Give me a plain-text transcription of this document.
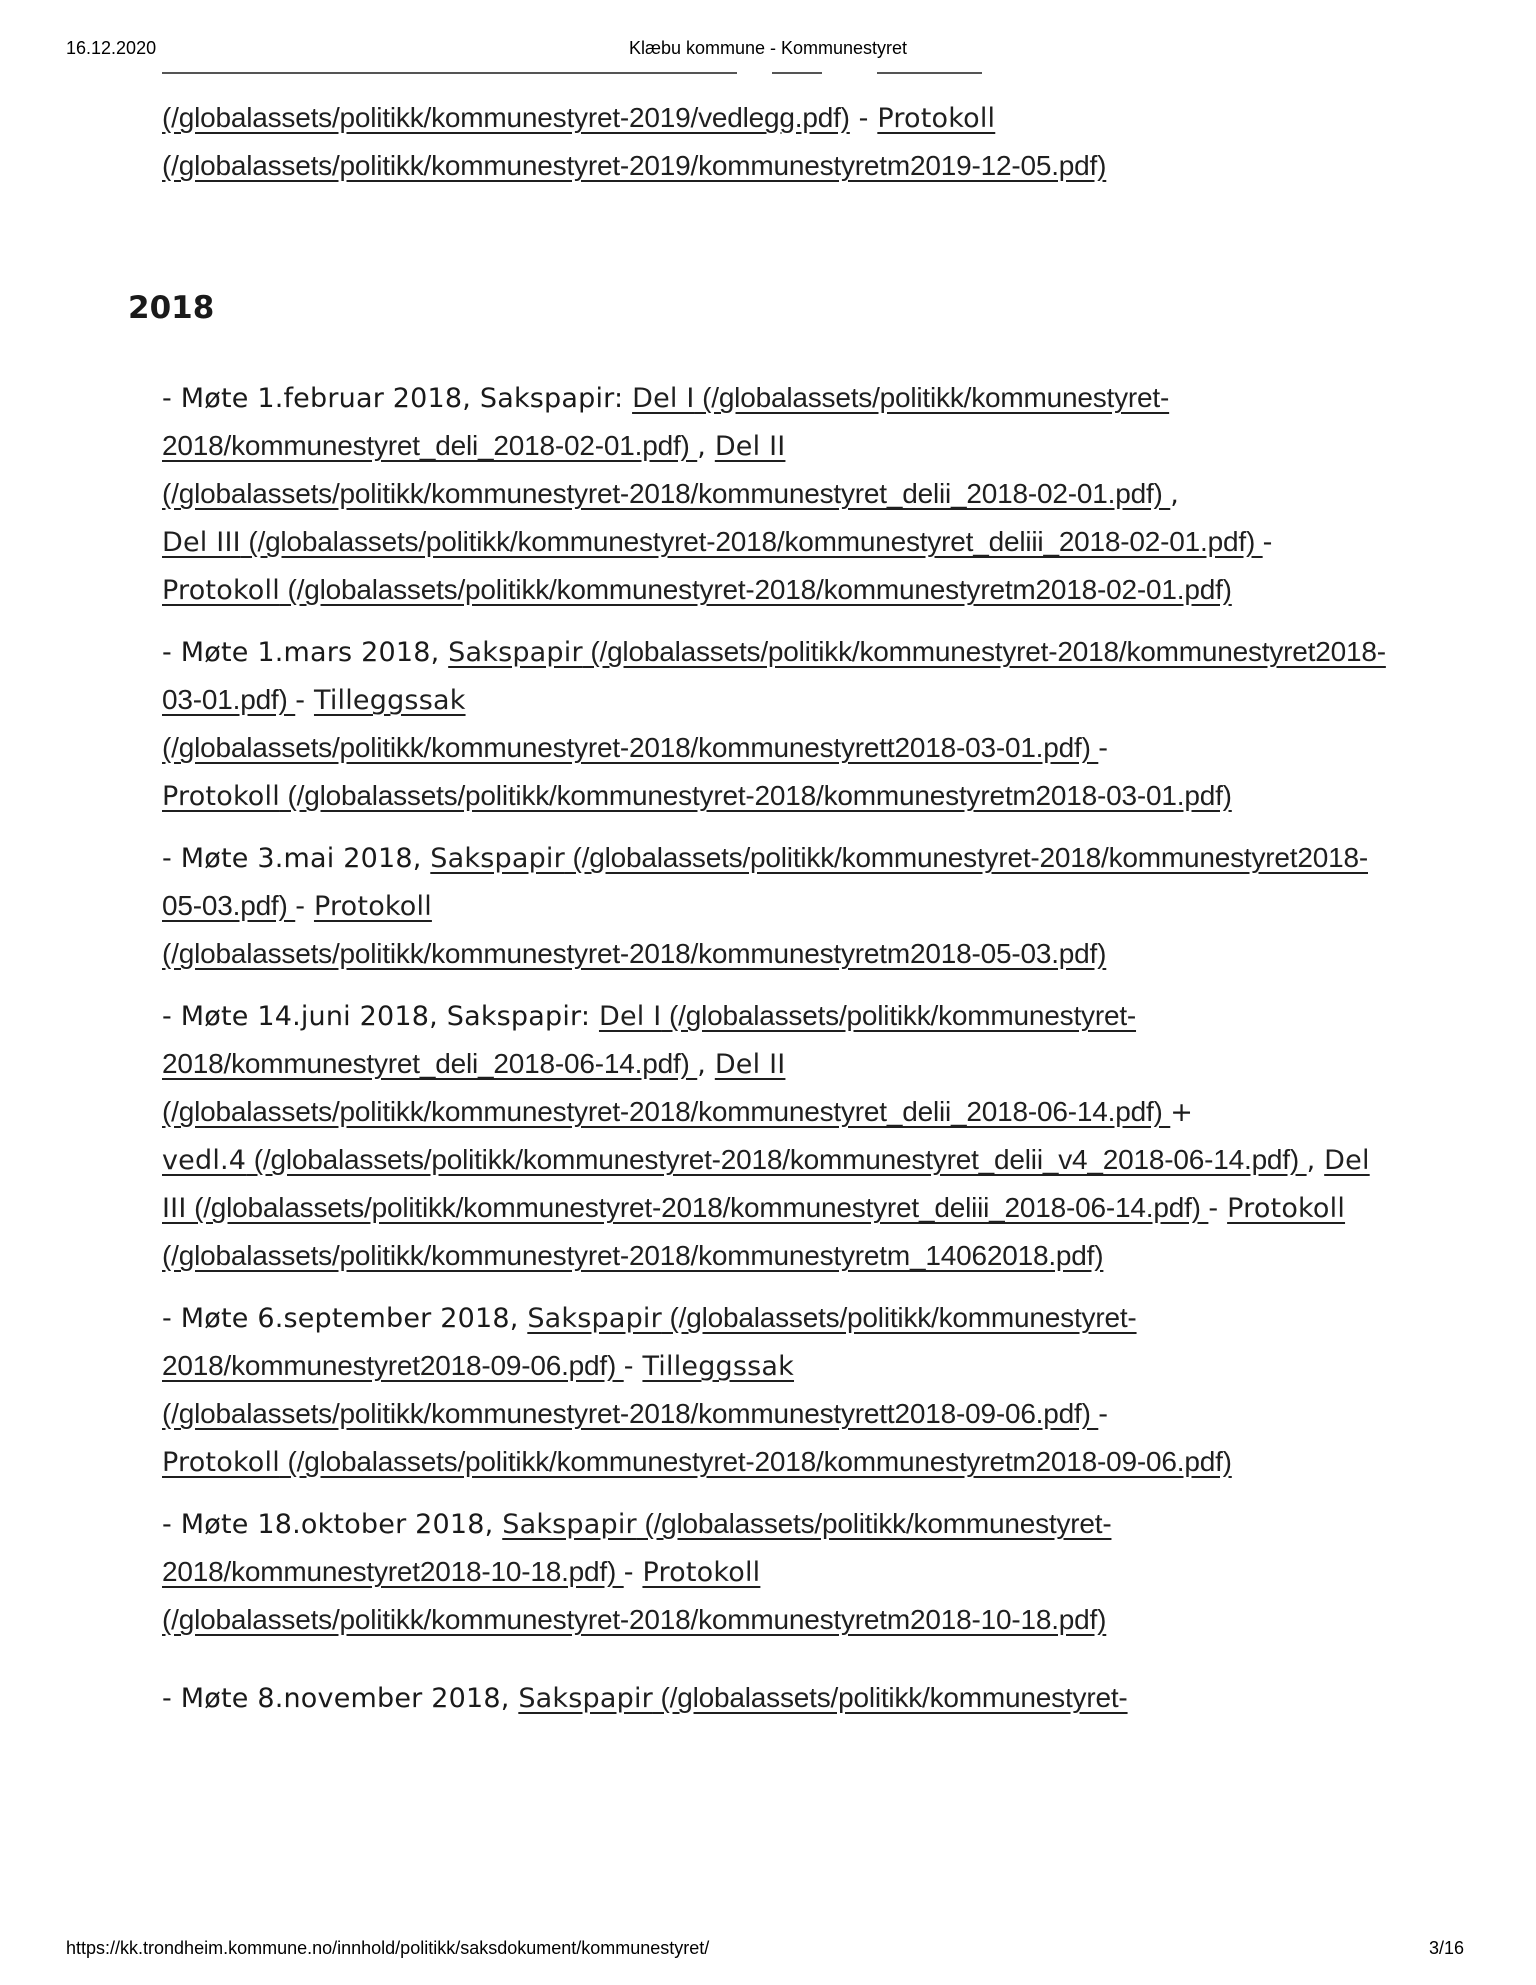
16.12.2020	Klæbu kommune - Kommunestyret

(/globalassets/politikk/kommunestyret-2019/vedlegg.pdf) - Protokoll
(/globalassets/politikk/kommunestyret-2019/kommunestyretm2019-12-05.pdf)

2018

- Møte 1.februar 2018, Sakspapir: Del I (/globalassets/politikk/kommunestyret-2018/kommunestyret_deli_2018-02-01.pdf) , Del II
(/globalassets/politikk/kommunestyret-2018/kommunestyret_delii_2018-02-01.pdf) ,
Del III (/globalassets/politikk/kommunestyret-2018/kommunestyret_deliii_2018-02-01.pdf) - Protokoll (/globalassets/politikk/kommunestyret-2018/kommunestyretm2018-02-01.pdf)

- Møte 1.mars 2018, Sakspapir (/globalassets/politikk/kommunestyret-2018/kommunestyret2018-03-01.pdf) - Tilleggssak
(/globalassets/politikk/kommunestyret-2018/kommunestyrett2018-03-01.pdf) -
Protokoll (/globalassets/politikk/kommunestyret-2018/kommunestyretm2018-03-01.pdf)

- Møte 3.mai 2018, Sakspapir (/globalassets/politikk/kommunestyret-2018/kommunestyret2018-05-03.pdf) - Protokoll
(/globalassets/politikk/kommunestyret-2018/kommunestyretm2018-05-03.pdf)

- Møte 14.juni 2018, Sakspapir: Del I (/globalassets/politikk/kommunestyret-2018/kommunestyret_deli_2018-06-14.pdf) , Del II
(/globalassets/politikk/kommunestyret-2018/kommunestyret_delii_2018-06-14.pdf) +
vedl.4 (/globalassets/politikk/kommunestyret-2018/kommunestyret_delii_v4_2018-06-14.pdf) , Del III (/globalassets/politikk/kommunestyret-2018/kommunestyret_deliii_2018-06-14.pdf) - Protokoll (/globalassets/politikk/kommunestyret-2018/kommunestyretm_14062018.pdf)

- Møte 6.september 2018, Sakspapir (/globalassets/politikk/kommunestyret-2018/kommunestyret2018-09-06.pdf) - Tilleggssak
(/globalassets/politikk/kommunestyret-2018/kommunestyrett2018-09-06.pdf) -
Protokoll (/globalassets/politikk/kommunestyret-2018/kommunestyretm2018-09-06.pdf)

- Møte 18.oktober 2018, Sakspapir (/globalassets/politikk/kommunestyret-2018/kommunestyret2018-10-18.pdf) - Protokoll
(/globalassets/politikk/kommunestyret-2018/kommunestyretm2018-10-18.pdf)

- Møte 8.november 2018, Sakspapir (/globalassets/politikk/kommunestyret-

https://kk.trondheim.kommune.no/innhold/politikk/saksdokument/kommunestyret/	3/16
